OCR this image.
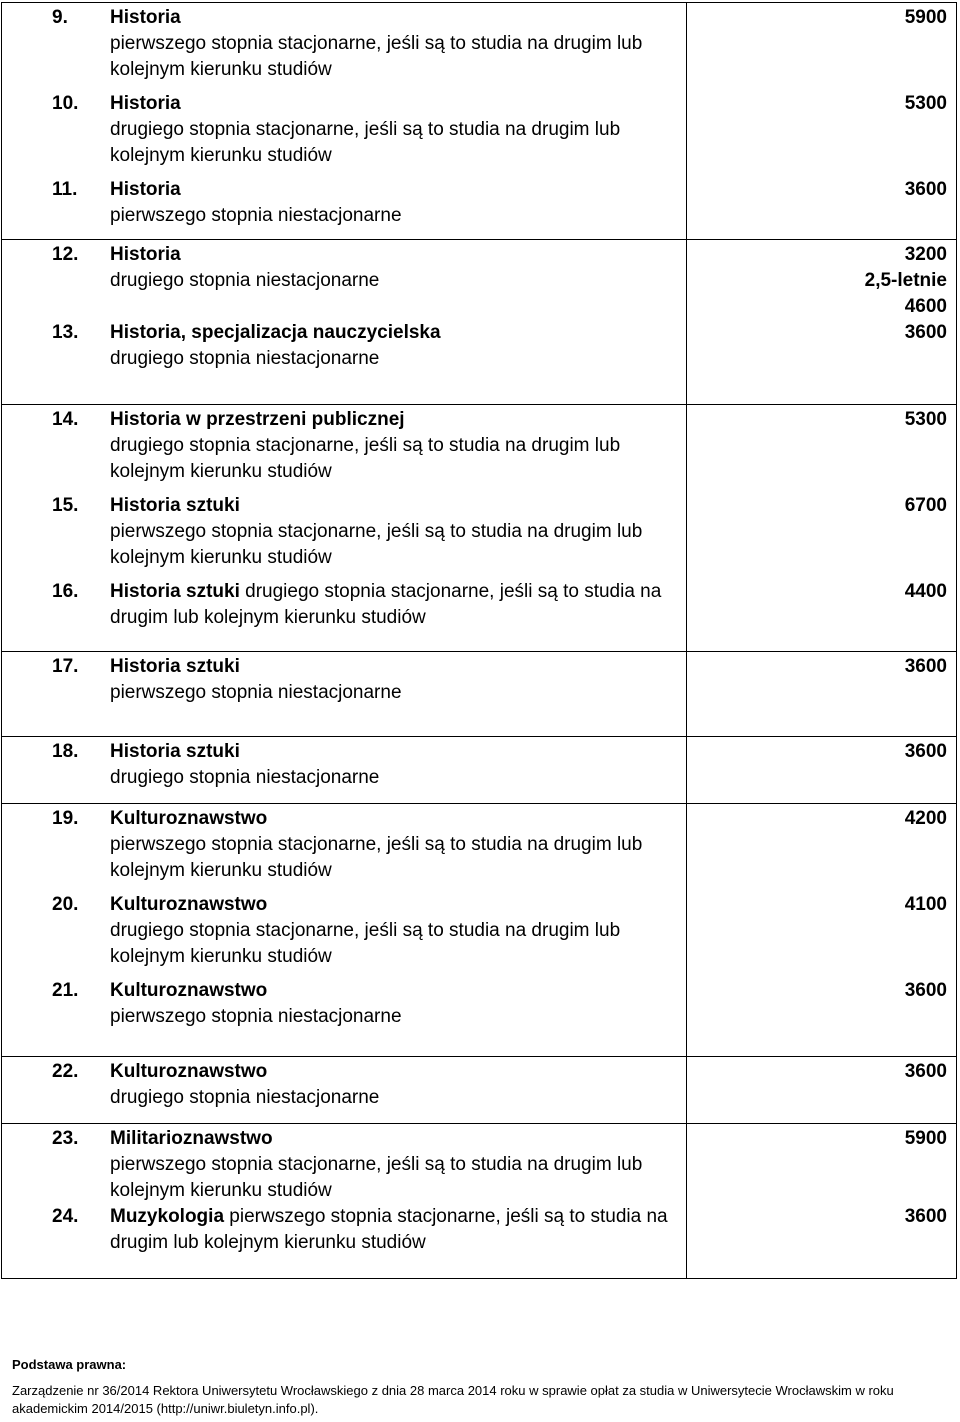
9. Historia
pierwszego stopnia stacjonarne, jeśli są to studia na drugim lub kolejnym kierunku studiów
10. Historia
drugiego stopnia stacjonarne, jeśli są to studia na drugim lub kolejnym kierunku studiów
11. Historia
pierwszego stopnia niestacjonarne
5900
5300
3600
12. Historia
drugiego stopnia niestacjonarne
13. Historia, specjalizacja nauczycielska
drugiego stopnia niestacjonarne
3200
2,5-letnie
4600
3600
14. Historia w przestrzeni publicznej
drugiego stopnia stacjonarne, jeśli są to studia na drugim lub kolejnym kierunku studiów
15. Historia sztuki
pierwszego stopnia stacjonarne, jeśli są to studia na drugim lub kolejnym kierunku studiów
16. Historia sztuki drugiego stopnia stacjonarne, jeśli są to studia na drugim lub kolejnym kierunku studiów
5300
6700
4400
17. Historia sztuki
pierwszego stopnia niestacjonarne
3600
18. Historia sztuki
drugiego stopnia niestacjonarne
3600
19. Kulturoznawstwo
pierwszego stopnia stacjonarne, jeśli są to studia na drugim lub kolejnym kierunku studiów
20. Kulturoznawstwo
drugiego stopnia stacjonarne, jeśli są to studia na drugim lub kolejnym kierunku studiów
21. Kulturoznawstwo
pierwszego stopnia niestacjonarne
4200
4100
3600
22. Kulturoznawstwo
drugiego stopnia niestacjonarne
3600
23. Militarioznawstwo
pierwszego stopnia stacjonarne, jeśli są to studia na drugim lub kolejnym kierunku studiów
24. Muzykologia pierwszego stopnia stacjonarne, jeśli są to studia na drugim lub kolejnym kierunku studiów
5900
3600
Podstawa prawna:
Zarządzenie nr 36/2014 Rektora Uniwersytetu Wrocławskiego z dnia 28 marca 2014 roku w sprawie opłat za studia w Uniwersytecie Wrocławskim w roku akademickim 2014/2015 (http://uniwr.biuletyn.info.pl).
